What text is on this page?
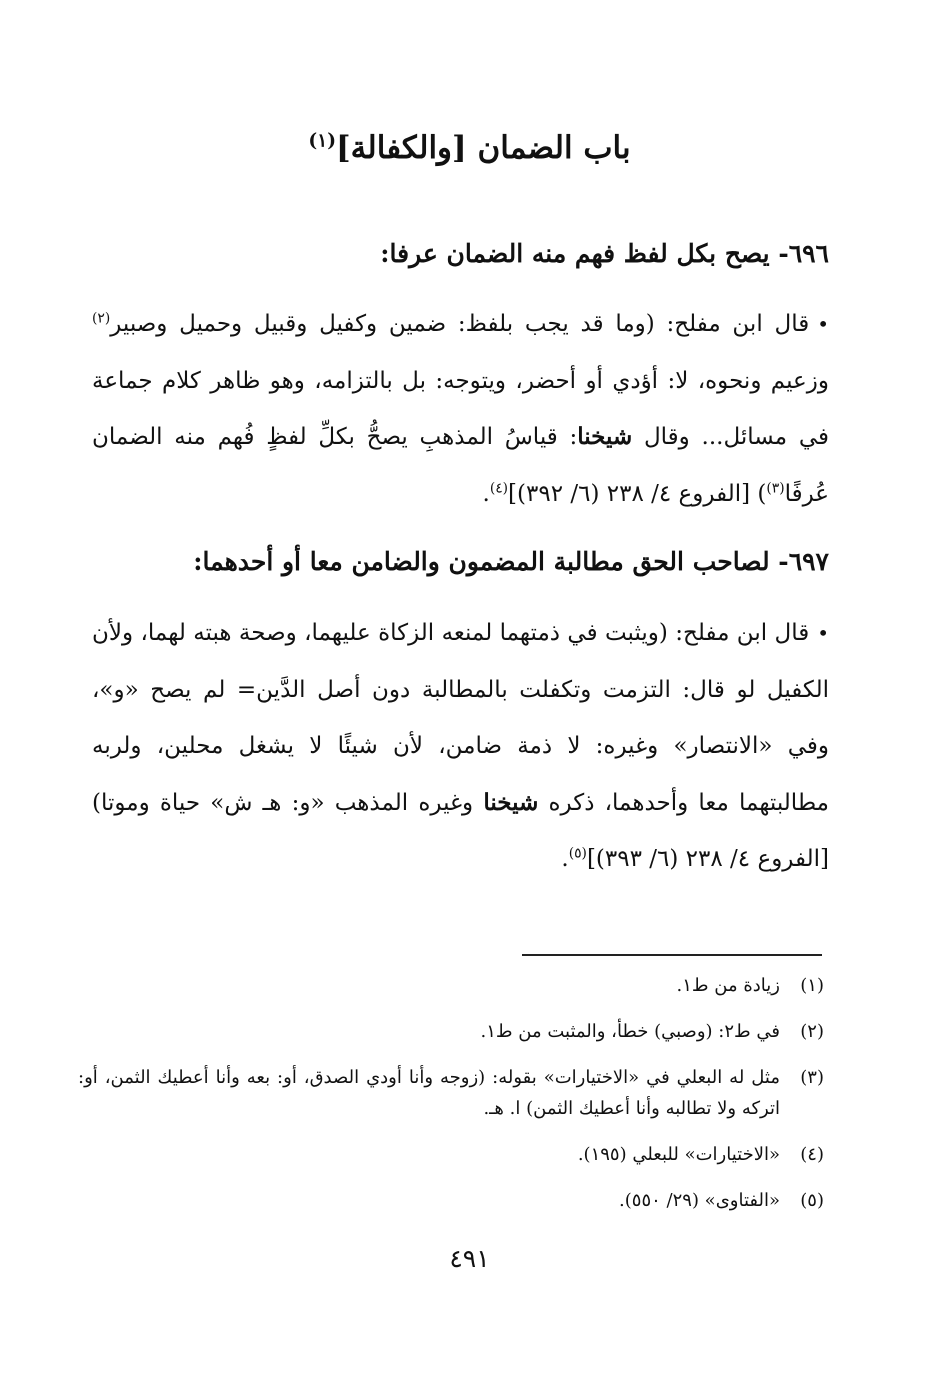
باب الضمان [والكفالة]$^{(١)}$
٦٩٦- يصح بكل لفظ فهم منه الضمان عرفا:
•قال ابن مفلح: (وما قد يجب بلفظ: ضمين وكفيل وقبيل وحميل وصبير$^{(٢)}$ وزعيم ونحوه، لا: أؤدي أو أحضر، ويتوجه: بل بالتزامه، وهو ظاهر كلام جماعة في مسائل... وقال شيخنا: قياسُ المذهبِ يصحُّ بكلِّ لفظٍ فُهم منه الضمان عُرفًا$^{(٣)}$) [الفروع ٤/ ٢٣٨ (٦/ ٣٩٢)]$^{(٤)}$.
٦٩٧- لصاحب الحق مطالبة المضمون والضامن معا أو أحدهما:
•قال ابن مفلح: (ويثبت في ذمتهما لمنعه الزكاة عليهما، وصحة هبته لهما، ولأن الكفيل لو قال: التزمت وتكفلت بالمطالبة دون أصل الدَّين= لم يصح «و»، وفي «الانتصار» وغيره: لا ذمة ضامن، لأن شيئًا لا يشغل محلين، ولربه مطالبتهما معا وأحدهما، ذكره شيخنا وغيره المذهب «و: هـ ش» حياة وموتا) [الفروع ٤/ ٢٣٨ (٦/ ٣٩٣)]$^{(٥)}$.
(١)
زيادة من ط١.
(٢)
في ط٢: (وصبي) خطأ، والمثبت من ط١.
(٣)
مثل له البعلي في «الاختيارات» بقوله: (زوجه وأنا أودي الصدق، أو: بعه وأنا أعطيك الثمن، أو: اتركه ولا تطالبه وأنا أعطيك الثمن) ا. هـ.
(٤)
«الاختيارات» للبعلي (١٩٥).
(٥)
«الفتاوى» (٢٩/ ٥٥٠).
٤٩١
